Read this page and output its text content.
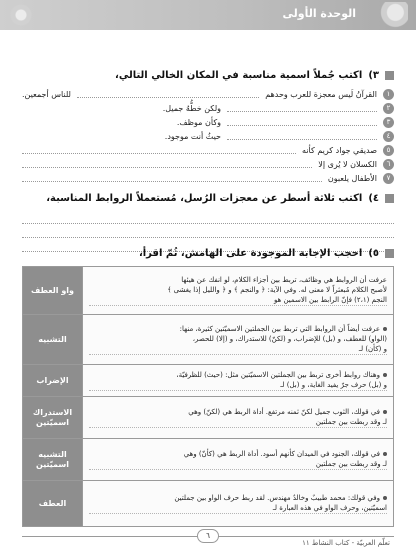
الوحدة الأولى
٣)
اكتب جُملاً اسمية مناسبة في المكان الخالي التالي،
١
القرآنُ لَيس معجزة للعرب وحدهم
للناس أجمعين.
٢
ولكن خطُّهُ جميل.
٣
وكأن موظف.
٤
حيثُ أنت موجود.
٥
صديقي جواد كريم كأنه
٦
الكسلان لا يُرى إلا
٧
الأطفال يلعبون
٤)
اكتب ثلاثة أسطر عن معجزات الرُسل، مُستعملاً الروابط المناسبة،
٥)
احجب الإجابة الموجودة على الهامش، ثُمّ اقرأ،
عرفت أن الروابط هي وظائف، تربط بين أجزاء الكلام، لو انفك عن هيئها
لأصبح الكلام مُبعثراً لا معنى له. وفي الآية: ﴿ والنجم ﴾ و ﴿ والليل إذا يغشى ﴾
النجم (٢،١) فإنّ الرابط بين الاسمين هو	واو العطف

عرفت أيضاً أن الروابط التي تربط بين الجملتين الاسميّتين كثيرة، منها:
(الواو) للعطف، و (بل) للإضراب، و (لكنّ) للاستدراك، و (إلا) للحصر،
و (كأن) لـ	التشبيه

وهناك روابط أخرى تربط بين الجملتين الاسميّتين مثل: (حيث) للظرفيّة،
و (بل) حرف جرّ يفيد الغاية، و (بل) لـ	الإضراب

في قولك، الثوب جميل لكنّ ثمنه مرتفع. أداة الربط هي (لكنّ) وهي
لـ وقد ربطت بين جملتين	الاستدراك اسميّتين

في قولك، الجنود في الميدان كأنهم أسود. أداة الربط هي (كأنّ) وهي
لـ وقد ربطت بين جملتين	التشبيه اسميّتين

وفي قولك: محمد طبيبٌ وخالدٌ مهندس. لقد ربط حرف الواو بين جملتين
اسميّتين، وحرف الواو في هذه العبارة لـ	العطف
٦
تعلّم العربيّة - كتاب النشاط ١١
